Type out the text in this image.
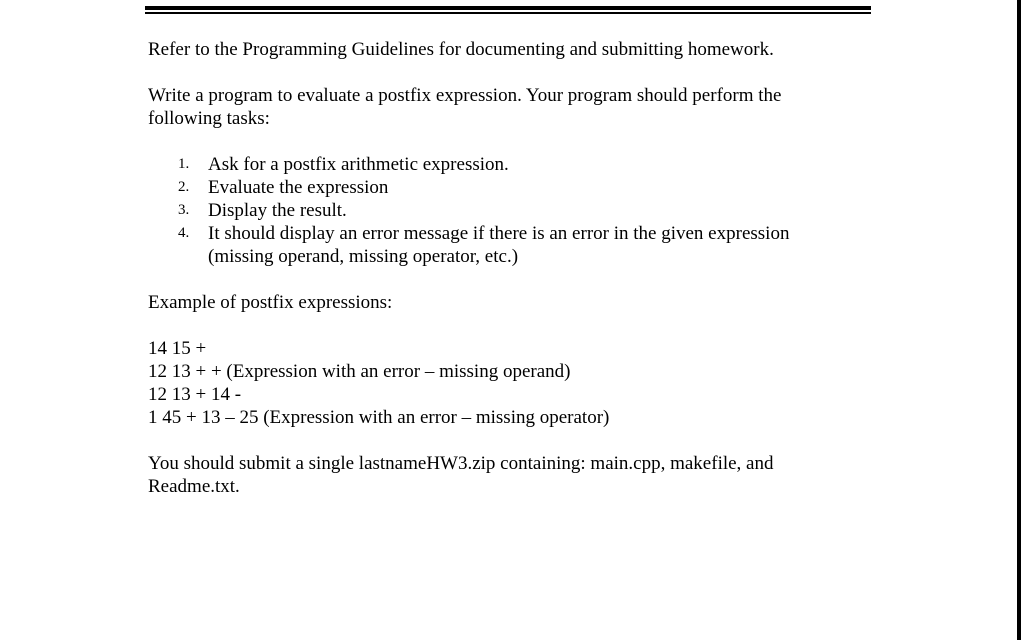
Refer to the Programming Guidelines for documenting and submitting homework.

Write a program to evaluate a postfix expression. Your program should perform the following tasks:

1. Ask for a postfix arithmetic expression.
2. Evaluate the expression
3. Display the result.
4. It should display an error message if there is an error in the given expression (missing operand, missing operator, etc.)

Example of postfix expressions:

14 15 +
12 13 + + (Expression with an error – missing operand)
12 13 + 14 -
1 45 + 13 – 25 (Expression with an error – missing operator)

You should submit a single lastnameHW3.zip containing: main.cpp, makefile, and Readme.txt.
